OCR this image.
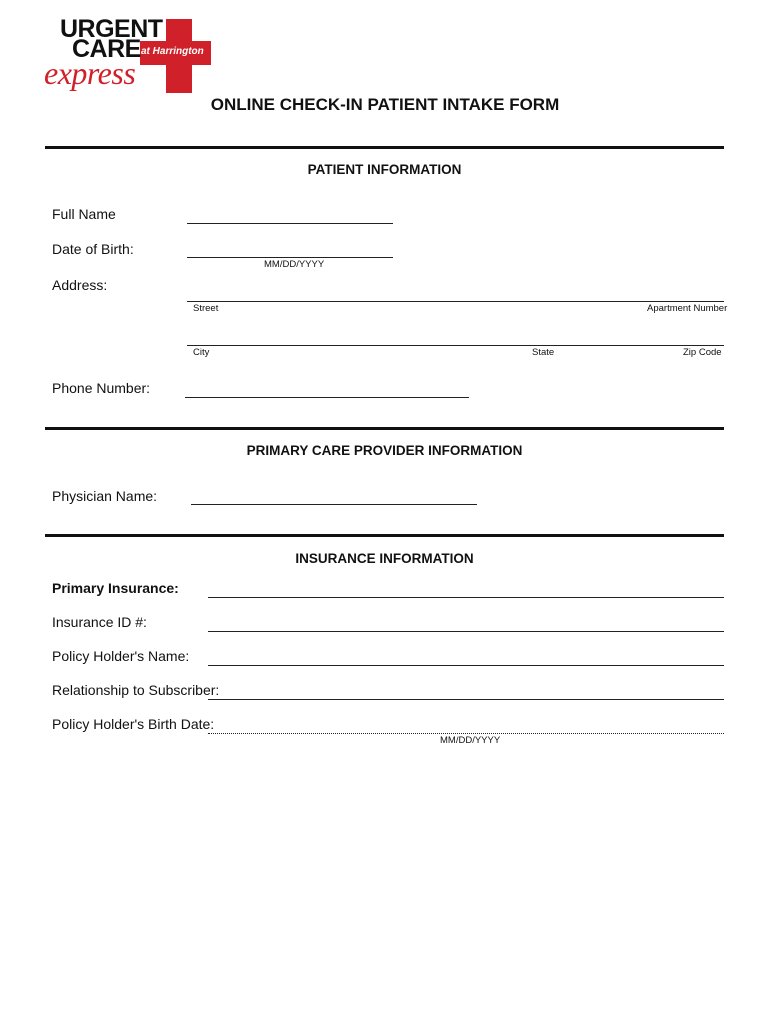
URGENT
CARE at Harrington
express
ONLINE CHECK-IN PATIENT INTAKE FORM
PATIENT INFORMATION
Full Name
Date of Birth:
MM/DD/YYYY
Address:
Street	Apartment Number
City	State	Zip Code
Phone Number:
PRIMARY CARE PROVIDER INFORMATION
Physician Name:
INSURANCE INFORMATION
Primary Insurance:
Insurance ID #:
Policy Holder's Name:
Relationship to Subscriber:
Policy Holder's Birth Date:
MM/DD/YYYY
